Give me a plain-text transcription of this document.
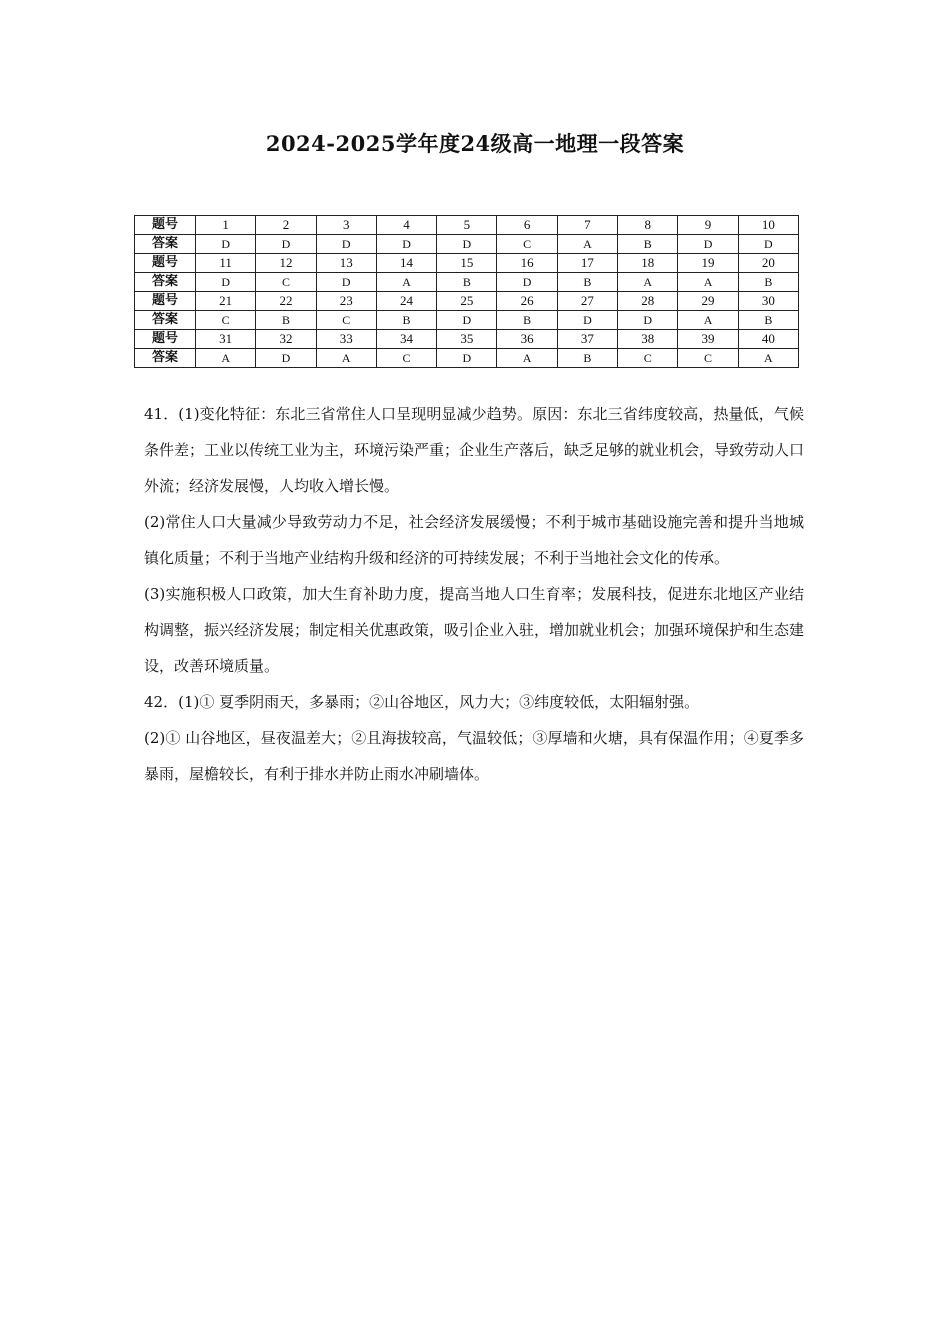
2024-2025学年度24级高一地理一段答案
题号	1	2	3	4	5	6	7	8	9	10
答案	D	D	D	D	D	C	A	B	D	D
题号	11	12	13	14	15	16	17	18	19	20
答案	D	C	D	A	B	D	B	A	A	B
题号	21	22	23	24	25	26	27	28	29	30
答案	C	B	C	B	D	B	D	D	A	B
题号	31	32	33	34	35	36	37	38	39	40
答案	A	D	A	C	D	A	B	C	C	A

41．(1)变化特征：东北三省常住人口呈现明显减少趋势。原因：东北三省纬度较高，热量低，气候条件差；工业以传统工业为主，环境污染严重；企业生产落后，缺乏足够的就业机会，导致劳动人口外流；经济发展慢，人均收入增长慢。

(2)常住人口大量减少导致劳动力不足，社会经济发展缓慢；不利于城市基础设施完善和提升当地城镇化质量；不利于当地产业结构升级和经济的可持续发展；不利于当地社会文化的传承。

(3)实施积极人口政策，加大生育补助力度，提高当地人口生育率；发展科技，促进东北地区产业结构调整，振兴经济发展；制定相关优惠政策，吸引企业入驻，增加就业机会；加强环境保护和生态建设，改善环境质量。

42．(1)① 夏季阴雨天，多暴雨；②山谷地区，风力大；③纬度较低，太阳辐射强。

(2)① 山谷地区，昼夜温差大；②且海拔较高，气温较低；③厚墙和火塘，具有保温作用；④夏季多暴雨，屋檐较长，有利于排水并防止雨水冲刷墙体。
